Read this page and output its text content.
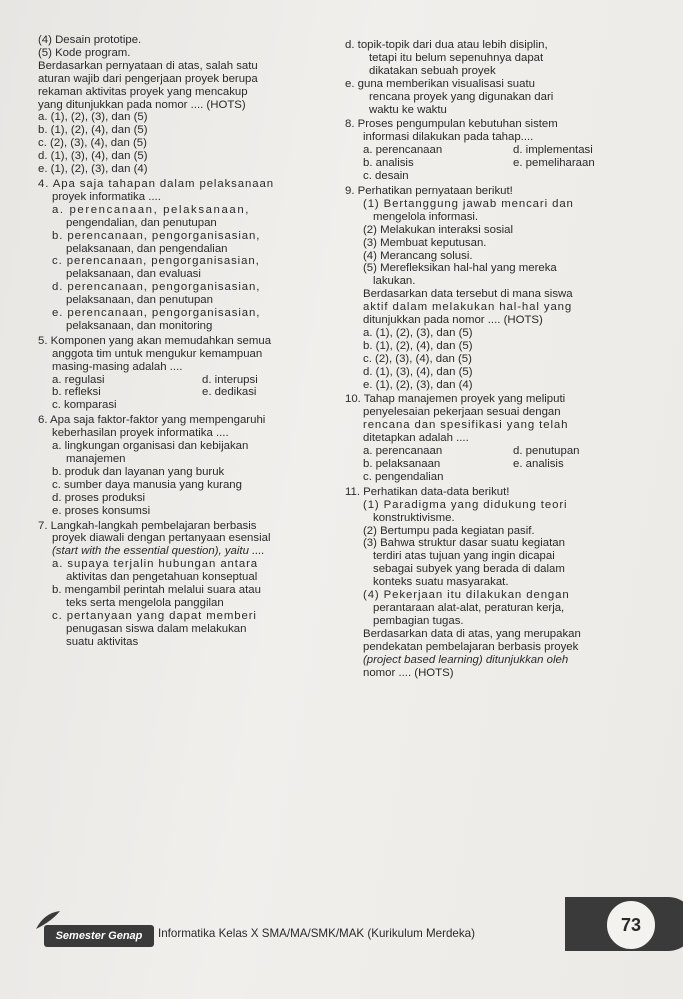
(4) Desain prototipe.
(5) Kode program.
Berdasarkan pernyataan di atas, salah satu
aturan wajib dari pengerjaan proyek berupa
rekaman aktivitas proyek yang mencakup
yang ditunjukkan pada nomor .... (HOTS)
a. (1), (2), (3), dan (5)
b. (1), (2), (4), dan (5)
c. (2), (3), (4), dan (5)
d. (1), (3), (4), dan (5)
e. (1), (2), (3), dan (4)
4. Apa saja tahapan dalam pelaksanaan
proyek informatika ....
a. perencanaan, pelaksanaan,
pengendalian, dan penutupan
b. perencanaan, pengorganisasian,
pelaksanaan, dan pengendalian
c. perencanaan, pengorganisasian,
pelaksanaan, dan evaluasi
d. perencanaan, pengorganisasian,
pelaksanaan, dan penutupan
e. perencanaan, pengorganisasian,
pelaksanaan, dan monitoring
5. Komponen yang akan memudahkan semua
anggota tim untuk mengukur kemampuan
masing-masing adalah ....
a. regulasi	d. interupsi
b. refleksi	e. dedikasi
c. komparasi
6. Apa saja faktor-faktor yang mempengaruhi
keberhasilan proyek informatika ....
a. lingkungan organisasi dan kebijakan
manajemen
b. produk dan layanan yang buruk
c. sumber daya manusia yang kurang
d. proses produksi
e. proses konsumsi
7. Langkah-langkah pembelajaran berbasis
proyek diawali dengan pertanyaan esensial
(start with the essential question), yaitu ....
a. supaya terjalin hubungan antara
aktivitas dan pengetahuan konseptual
b. mengambil perintah melalui suara atau
teks serta mengelola panggilan
c. pertanyaan yang dapat memberi
penugasan siswa dalam melakukan
suatu aktivitas
d. topik-topik dari dua atau lebih disiplin,
tetapi itu belum sepenuhnya dapat
dikatakan sebuah proyek
e. guna memberikan visualisasi suatu
rencana proyek yang digunakan dari
waktu ke waktu
8. Proses pengumpulan kebutuhan sistem
informasi dilakukan pada tahap....
a. perencanaan	d. implementasi
b. analisis	e. pemeliharaan
c. desain
9. Perhatikan pernyataan berikut!
(1) Bertanggung jawab mencari dan
mengelola informasi.
(2) Melakukan interaksi sosial
(3) Membuat keputusan.
(4) Merancang solusi.
(5) Merefleksikan hal-hal yang mereka
lakukan.
Berdasarkan data tersebut di mana siswa
aktif dalam melakukan hal-hal yang
ditunjukkan pada nomor .... (HOTS)
a. (1), (2), (3), dan (5)
b. (1), (2), (4), dan (5)
c. (2), (3), (4), dan (5)
d. (1), (3), (4), dan (5)
e. (1), (2), (3), dan (4)
10. Tahap manajemen proyek yang meliputi
penyelesaian pekerjaan sesuai dengan
rencana dan spesifikasi yang telah
ditetapkan adalah ....
a. perencanaan	d. penutupan
b. pelaksanaan	e. analisis
c. pengendalian
11. Perhatikan data-data berikut!
(1) Paradigma yang didukung teori
konstruktivisme.
(2) Bertumpu pada kegiatan pasif.
(3) Bahwa struktur dasar suatu kegiatan
terdiri atas tujuan yang ingin dicapai
sebagai subyek yang berada di dalam
konteks suatu masyarakat.
(4) Pekerjaan itu dilakukan dengan
perantaraan alat-alat, peraturan kerja,
pembagian tugas.
Berdasarkan data di atas, yang merupakan
pendekatan pembelajaran berbasis proyek
(project based learning) ditunjukkan oleh
nomor .... (HOTS)
Semester Genap	Informatika Kelas X SMA/MA/SMK/MAK (Kurikulum Merdeka)	73
